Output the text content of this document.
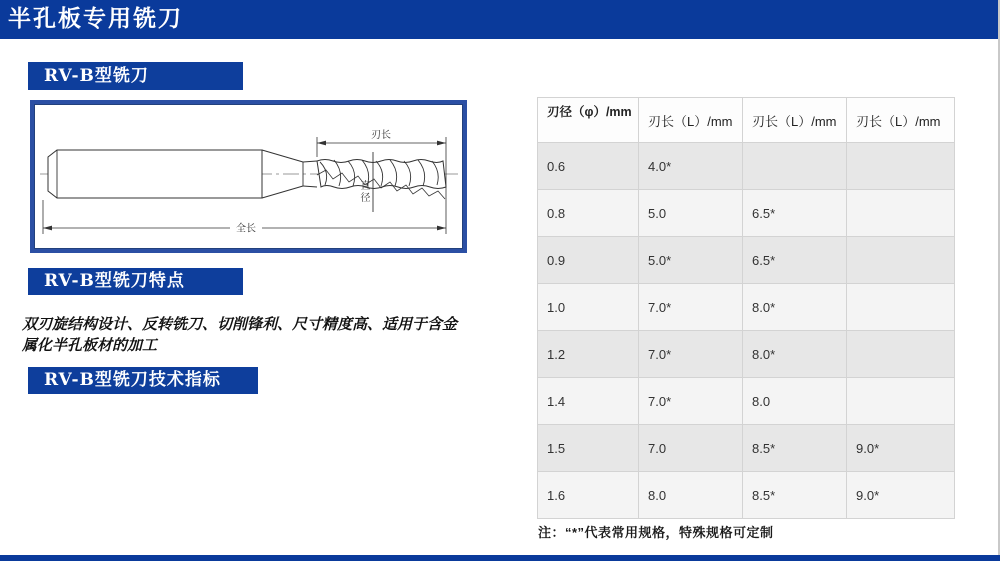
半孔板专用铣刀
RV-B型铣刀
刃长
全长
直径
RV-B型铣刀特点
双刃旋结构设计、反转铣刀、切削锋利、尺寸精度高、适用于含金
属化半孔板材的加工
RV-B型铣刀技术指标
刃径（φ）/mm	刃长（L）/mm	刃长（L）/mm	刃长（L）/mm
0.6	4.0*		
0.8	5.0	6.5*	
0.9	5.0*	6.5*	
1.0	7.0*	8.0*	
1.2	7.0*	8.0*	
1.4	7.0*	8.0	
1.5	7.0	8.5*	9.0*
1.6	8.0	8.5*	9.0*
注：“*”代表常用规格，特殊规格可定制
